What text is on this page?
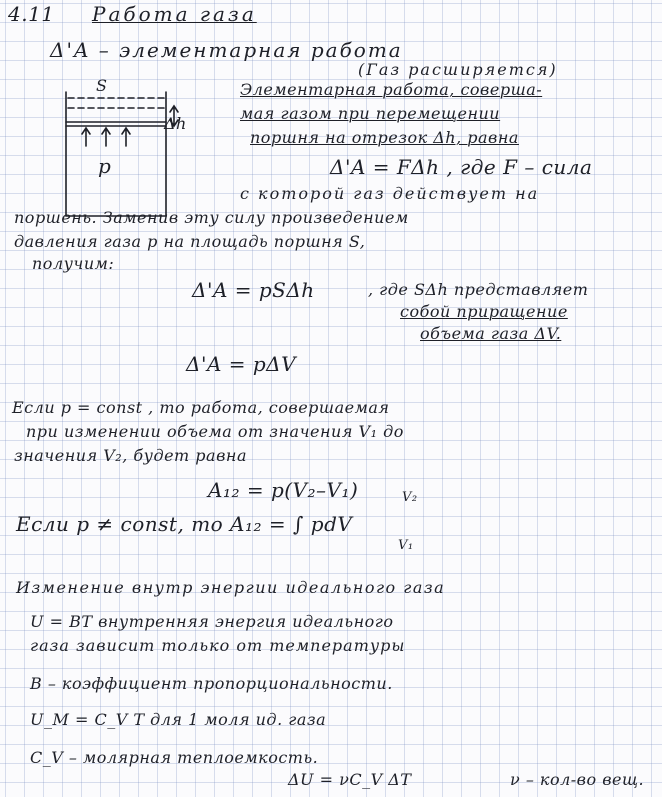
4.11 Работа газа
Δ'A – элементарная работа
(Газ расширяется)
S
Δh
p
Элементарная работа, соверша-
мая газом при перемещении
поршня на отрезок Δh, равна
Δ'A = FΔh , где F – сила
с которой газ действует на
поршень. Заменив эту силу произведением
давления газа p на площадь поршня S,
получим:
Δ'A = pSΔh	, где SΔh представляет
собой приращение
объема газа ΔV.
Δ'A = pΔV
Если p = const , то работа, совершаемая
при изменении объема от значения V₁ до
значения V₂, будет равна
A₁₂ = p(V₂–V₁)
Если p ≠ const, то A₁₂ = ∫ pdV
V₂
V₁
Изменение внутр энергии идеального газа
U = BT внутренняя энергия идеального
газа зависит только от температуры
B – коэффициент пропорциональности.
U_M = C_V T для 1 моля ид. газа
C_V – молярная теплоемкость.
ΔU = νC_V ΔT	ν – кол-во вещ.
